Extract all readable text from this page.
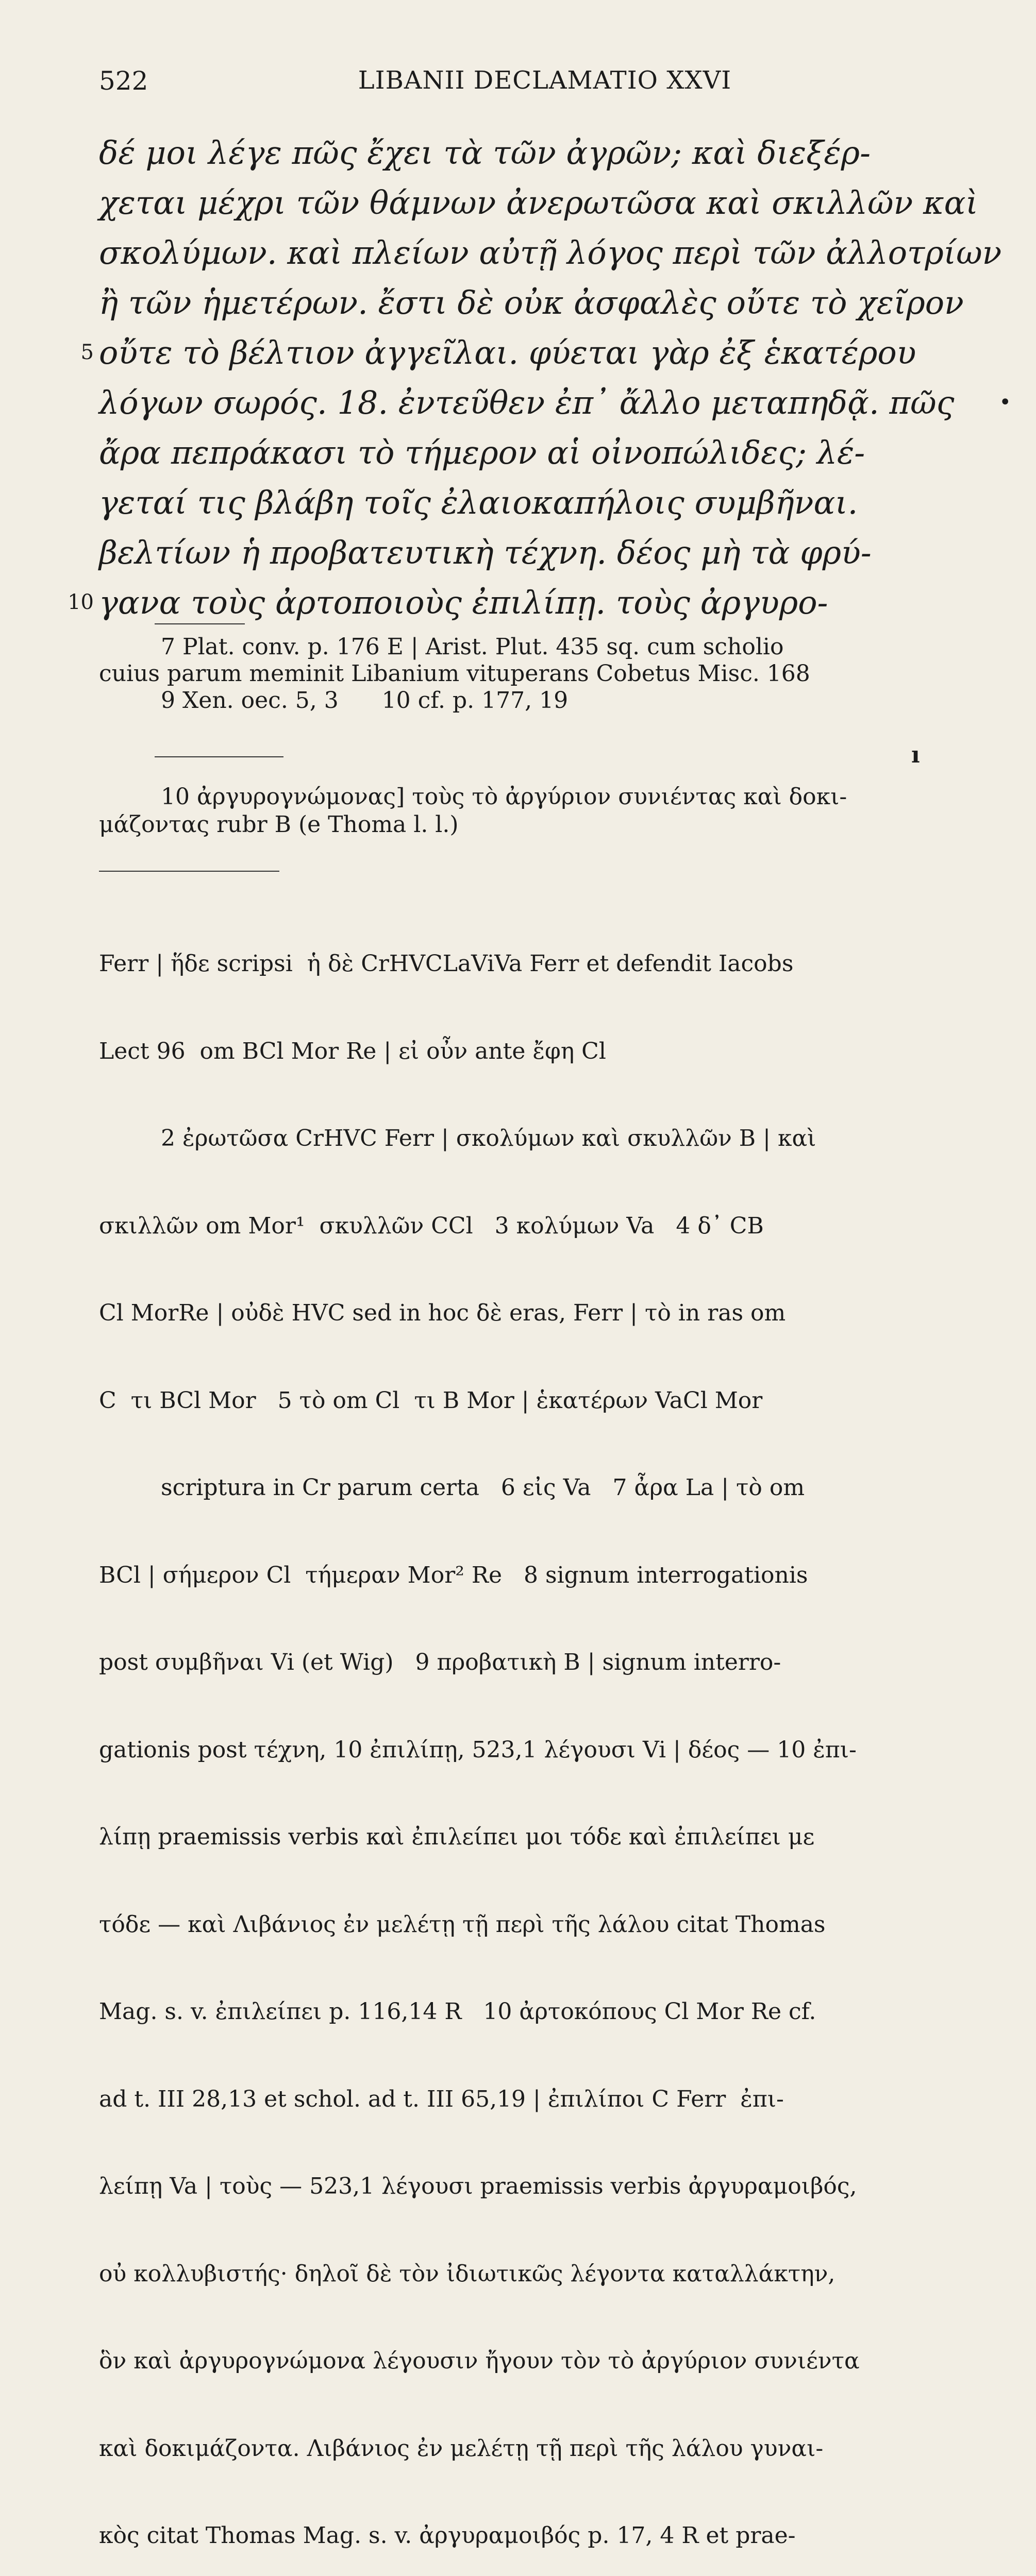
522	LIBANII DECLAMATIO XXVI
δέ μοι λέγε πῶς ἔχει τὰ τῶν ἀγρῶν; καὶ διεξέρ-
χεται μέχρι τῶν θάμνων ἀνερωτῶσα καὶ σκιλλῶν καὶ
σκολύμων. καὶ πλείων αὐτῇ λόγος περὶ τῶν ἀλλοτρίων
ἢ τῶν ἡμετέρων. ἔστι δὲ οὐκ ἀσφαλὲς οὔτε τὸ χεῖρον
5 οὔτε τὸ βέλτιον ἀγγεῖλαι. φύεται γὰρ ἐξ ἑκατέρου
λόγων σωρός. 18. ἐντεῦθεν ἐπ᾽ ἄλλο μεταπηδᾷ. πῶς •
ἄρα πεπράκασι τὸ τήμερον αἱ οἰνοπώλιδες; λέ-
γεταί τις βλάβη τοῖς ἐλαιοκαπήλοις συμβῆναι.
βελτίων ἡ προβατευτικὴ τέχνη. δέος μὴ τὰ φρύ-
10 γανα τοὺς ἀρτοποιοὺς ἐπιλίπῃ. τοὺς ἀργυρο-

7 Plat. conv. p. 176 E | Arist. Plut. 435 sq. cum scholio

cuius parum meminit Libanium vituperans Cobetus Misc. 168

9 Xen. oec. 5, 3      10 cf. p. 177, 19

ı

10 ἀργυρογνώμονας] τοὺς τὸ ἀργύριον συνιέντας καὶ δοκι-

μάζοντας rubr B (e Thoma l. l.)

Ferr | ἥδε scripsi  ἡ δὲ CrHVCLaViVa Ferr et defendit Iacobs

Lect 96  om BCl Mor Re | εἰ οὖν ante ἔφη Cl

2 ἐρωτῶσα CrHVC Ferr | σκολύμων καὶ σκυλλῶν B | καὶ

σκιλλῶν om Mor¹  σκυλλῶν CCl   3 κολύμων Va   4 δ᾽ CB

Cl MorRe | οὐδὲ HVC sed in hoc δὲ eras, Ferr | τὸ in ras om

C  τι BCl Mor   5 τὸ om Cl  τι B Mor | ἑκατέρων VaCl Mor

scriptura in Cr parum certa   6 εἰς Va   7 ἆρα La | τὸ om

BCl | σήμερον Cl  τήμεραν Mor² Re   8 signum interrogationis

post συμβῆναι Vi (et Wig)   9 προβατικὴ B | signum interro-

gationis post τέχνη, 10 ἐπιλίπῃ, 523,1 λέγουσι Vi | δέος — 10 ἐπι-

λίπῃ praemissis verbis καὶ ἐπιλείπει μοι τόδε καὶ ἐπιλείπει με

τόδε — καὶ Λιβάνιος ἐν μελέτῃ τῇ περὶ τῆς λάλου citat Thomas

Mag. s. v. ἐπιλείπει p. 116,14 R   10 ἀρτοκόπους Cl Mor Re cf.

ad t. III 28,13 et schol. ad t. III 65,19 | ἐπιλίποι C Ferr  ἐπι-

λείπῃ Va | τοὺς — 523,1 λέγουσι praemissis verbis ἀργυραμοιβός,

οὐ κολλυβιστής· δηλοῖ δὲ τὸν ἰδιωτικῶς λέγοντα καταλλάκτην,

ὃν καὶ ἀργυρογνώμονα λέγουσιν ἤγουν τὸν τὸ ἀργύριον συνιέντα

καὶ δοκιμάζοντα. Λιβάνιος ἐν μελέτῃ τῇ περὶ τῆς λάλου γυναι-

κὸς citat Thomas Mag. s. v. ἀργυραμοιβός p. 17, 4 R et prae-
